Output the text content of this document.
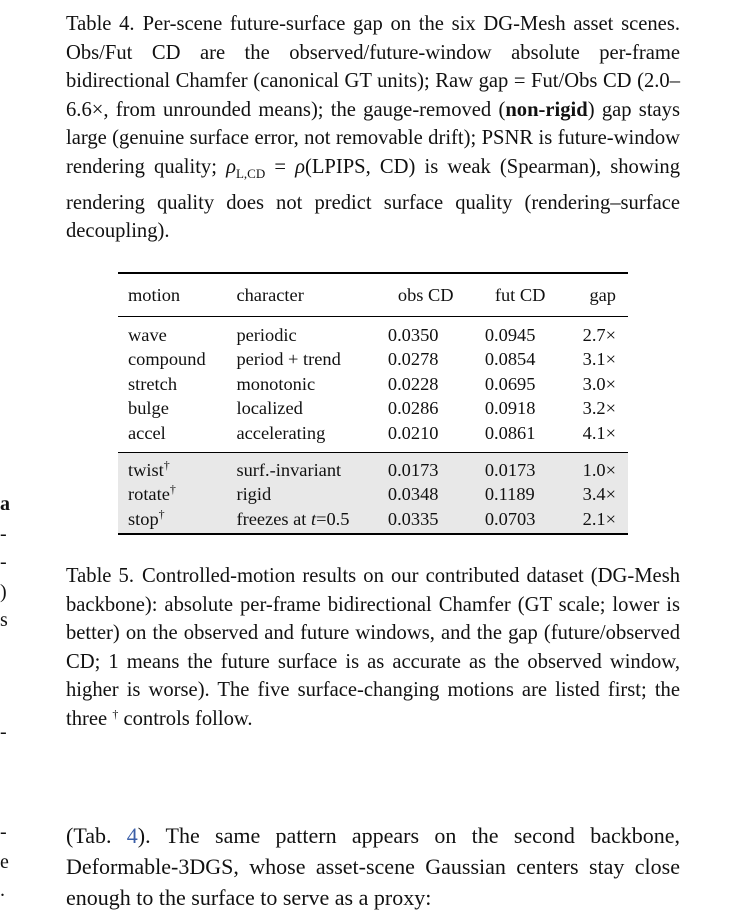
Table 4. Per-scene future-surface gap on the six DG-Mesh asset scenes. Obs/Fut CD are the observed/future-window absolute per-frame bidirectional Chamfer (canonical GT units); Raw gap = Fut/Obs CD (2.0–6.6×, from unrounded means); the gauge-removed (non-rigid) gap stays large (genuine surface error, not removable drift); PSNR is future-window rendering quality; $\rho_{L,CD}$ = ρ(LPIPS, CD) is weak (Spearman), showing rendering quality does not predict surface quality (rendering–surface decoupling).

motion	character	obs CD	fut CD	gap
wave	periodic	0.0350	0.0945	2.7×
compound	period + trend	0.0278	0.0854	3.1×
stretch	monotonic	0.0228	0.0695	3.0×
bulge	localized	0.0286	0.0918	3.2×
accel	accelerating	0.0210	0.0861	4.1×
twist†	surf.-invariant	0.0173	0.0173	1.0×
rotate†	rigid	0.0348	0.1189	3.4×
stop†	freezes at t=0.5	0.0335	0.0703	2.1×

Table 5. Controlled-motion results on our contributed dataset (DG-Mesh backbone): absolute per-frame bidirectional Chamfer (GT scale; lower is better) on the observed and future windows, and the gap (future/observed CD; 1 means the future surface is as accurate as the observed window, higher is worse). The five surface-changing motions are listed first; the three † controls follow.

(Tab. 4). The same pattern appears on the second backbone, Deformable-3DGS, whose asset-scene Gaussian centers stay close enough to the surface to serve as a proxy:

a
-
-
)
s
-
-
e
.
